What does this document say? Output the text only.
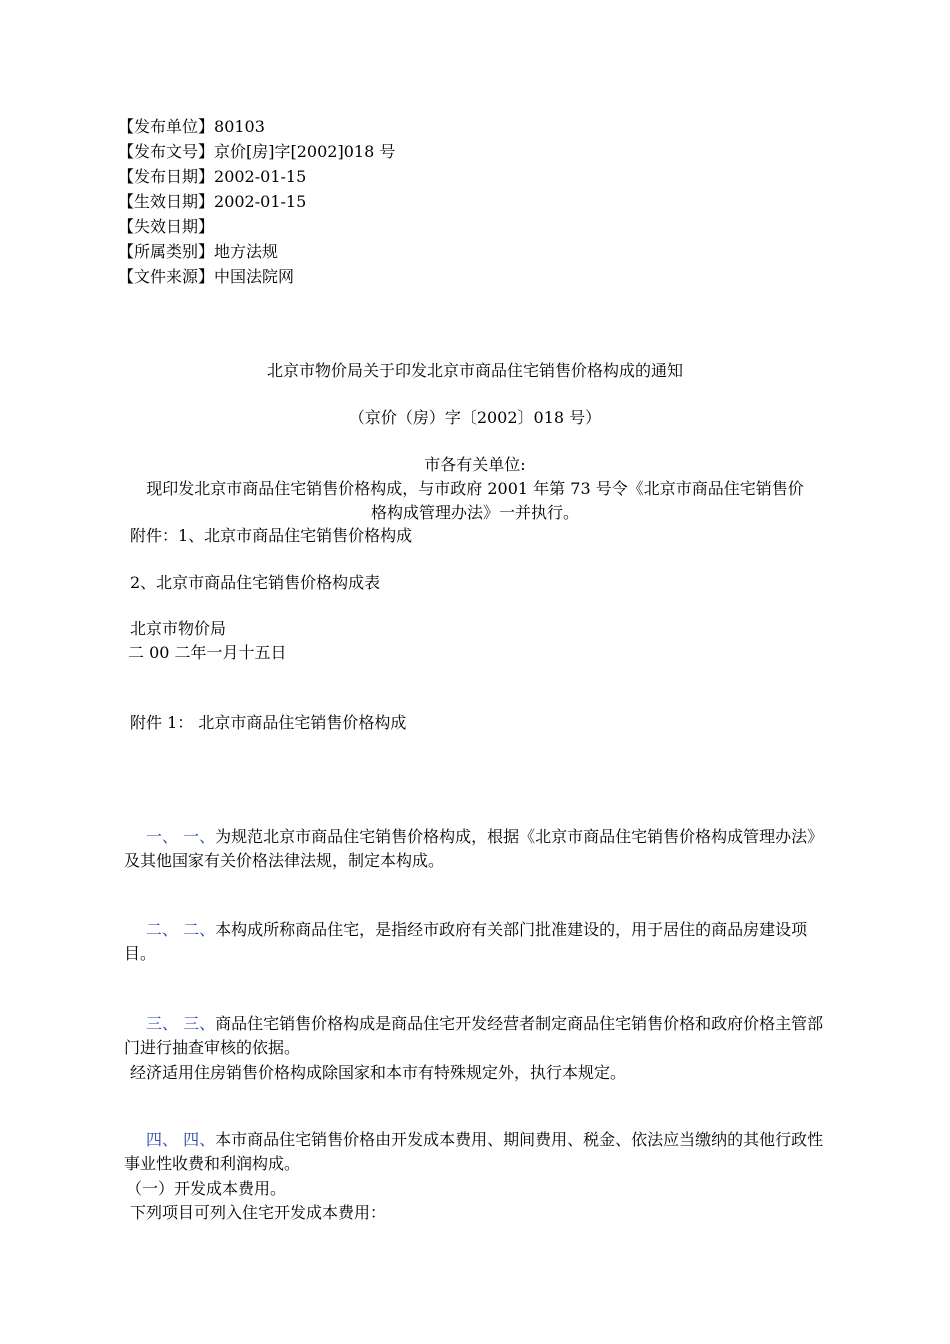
【发布单位】80103
【发布文号】京价[房]字[2002]018 号
【发布日期】2002-01-15
【生效日期】2002-01-15
【失效日期】
【所属类别】地方法规
【文件来源】中国法院网
北京市物价局关于印发北京市商品住宅销售价格构成的通知
（京价（房）字〔2002〕018 号）
市各有关单位:
现印发北京市商品住宅销售价格构成，与市政府 2001 年第 73 号令《北京市商品住宅销售价
格构成管理办法》一并执行。
附件：1、北京市商品住宅销售价格构成
2、北京市商品住宅销售价格构成表
北京市物价局
二 00 二年一月十五日
附件 1： 北京市商品住宅销售价格构成
一、 一、为规范北京市商品住宅销售价格构成，根据《北京市商品住宅销售价格构成管理办法》及其他国家有关价格法律法规，制定本构成。
二、 二、本构成所称商品住宅，是指经市政府有关部门批准建设的，用于居住的商品房建设项目。
三、 三、商品住宅销售价格构成是商品住宅开发经营者制定商品住宅销售价格和政府价格主管部门进行抽查审核的依据。
经济适用住房销售价格构成除国家和本市有特殊规定外，执行本规定。
四、 四、本市商品住宅销售价格由开发成本费用、期间费用、税金、依法应当缴纳的其他行政性事业性收费和利润构成。
（一）开发成本费用。
下列项目可列入住宅开发成本费用：
